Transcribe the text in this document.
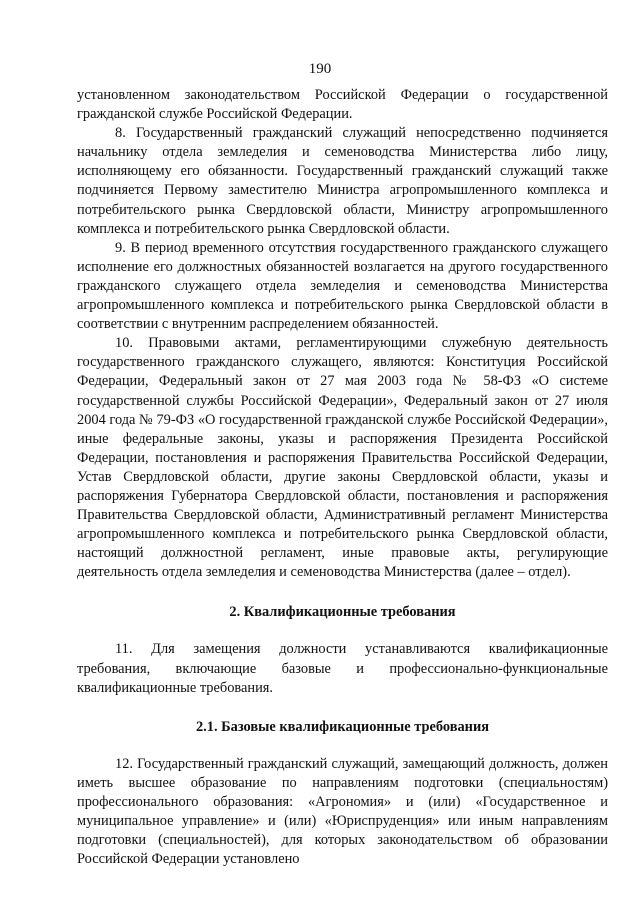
190

установленном законодательством Российской Федерации о государственной гражданской службе Российской Федерации.

8. Государственный гражданский служащий непосредственно подчиняется начальнику отдела земледелия и семеноводства Министерства либо лицу, исполняющему его обязанности. Государственный гражданский служащий также подчиняется Первому заместителю Министра агропромышленного комплекса и потребительского рынка Свердловской области, Министру агропромышленного комплекса и потребительского рынка Свердловской области.

9. В период временного отсутствия государственного гражданского служащего исполнение его должностных обязанностей возлагается на другого государственного гражданского служащего отдела земледелия и семеноводства Министерства агропромышленного комплекса и потребительского рынка Свердловской области в соответствии с внутренним распределением обязанностей.

10. Правовыми актами, регламентирующими служебную деятельность государственного гражданского служащего, являются: Конституция Российской Федерации, Федеральный закон от 27 мая 2003 года № 58-ФЗ «О системе государственной службы Российской Федерации», Федеральный закон от 27 июля 2004 года № 79-ФЗ «О государственной гражданской службе Российской Федерации», иные федеральные законы, указы и распоряжения Президента Российской Федерации, постановления и распоряжения Правительства Российской Федерации, Устав Свердловской области, другие законы Свердловской области, указы и распоряжения Губернатора Свердловской области, постановления и распоряжения Правительства Свердловской области, Административный регламент Министерства агропромышленного комплекса и потребительского рынка Свердловской области, настоящий должностной регламент, иные правовые акты, регулирующие деятельность отдела земледелия и семеноводства Министерства (далее – отдел).

2. Квалификационные требования

11. Для замещения должности устанавливаются квалификационные требования, включающие базовые и профессионально-функциональные квалификационные требования.

2.1. Базовые квалификационные требования

12. Государственный гражданский служащий, замещающий должность, должен иметь высшее образование по направлениям подготовки (специальностям) профессионального образования: «Агрономия» и (или) «Государственное и муниципальное управление» и (или) «Юриспруденция» или иным направлениям подготовки (специальностей), для которых законодательством об образовании Российской Федерации установлено
